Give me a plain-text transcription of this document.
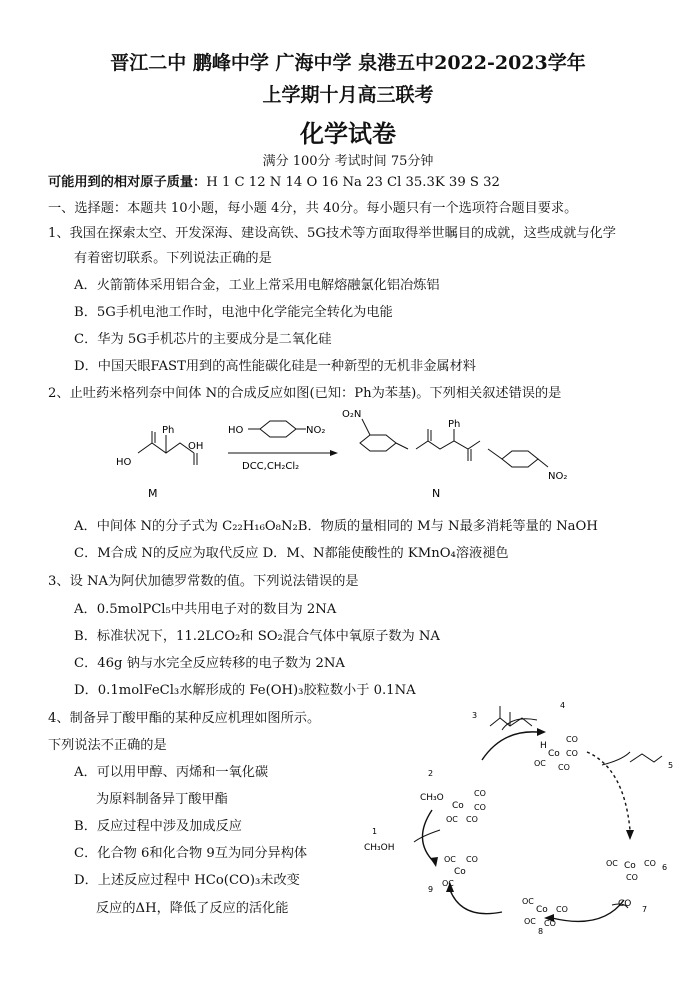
晋江二中 鹏峰中学 广海中学 泉港五中2022-2023学年
上学期十月高三联考
化学试卷
满分 100分 考试时间 75分钟
可能用到的相对原子质量：H 1 C 12 N 14 O 16 Na 23 Cl 35.3K 39 S 32
一、选择题：本题共 10小题，每小题 4分，共 40分。每小题只有一个选项符合题目要求。
1、我国在探索太空、开发深海、建设高铁、5G技术等方面取得举世瞩目的成就，这些成就与化学
有着密切联系。下列说法正确的是
A．火箭箭体采用铝合金，工业上常采用电解熔融氯化铝冶炼铝
B．5G手机电池工作时，电池中化学能完全转化为电能
C．华为 5G手机芯片的主要成分是二氧化硅
D．中国天眼FAST用到的高性能碳化硅是一种新型的无机非金属材料
2、止吐药米格列奈中间体 N的合成反应如图(已知：Ph为苯基)。下列相关叙述错误的是
Ph
HO
OH
M
HO	NO₂
DCC,CH₂Cl₂
O₂N
Ph
NO₂
N
A．中间体 N的分子式为 C₂₂H₁₆O₈N₂B．物质的量相同的 M与 N最多消耗等量的 NaOH
C．M合成 N的反应为取代反应 D．M、N都能使酸性的 KMnO₄溶液褪色
3、设 NA为阿伏加德罗常数的值。下列说法错误的是
A．0.5molPCl₅中共用电子对的数目为 2NA
B．标准状况下，11.2LCO₂和 SO₂混合气体中氧原子数为 NA
C．46g 钠与水完全反应转移的电子数为 2NA
D．0.1molFeCl₃水解形成的 Fe(OH)₃胶粒数小于 0.1NA
4、制备异丁酸甲酯的某种反应机理如图所示。
下列说法不正确的是
A．可以用甲醇、丙烯和一氧化碳
为原料制备异丁酸甲酯
B．反应过程中涉及加成反应
C．化合物 6和化合物 9互为同分异构体
D．上述反应过程中 HCo(CO)₃未改变
反应的ΔH，降低了反应的活化能
3
4
5
2
1
6
7
8
9
H
Co
CO
CO
OC CO
CH₃O
Co
CO
CO
OC CO
CH₃OH
Co
OC	CO
CO
CO
Co
OC
CO
OC CO
OC
Co
CO
OC
